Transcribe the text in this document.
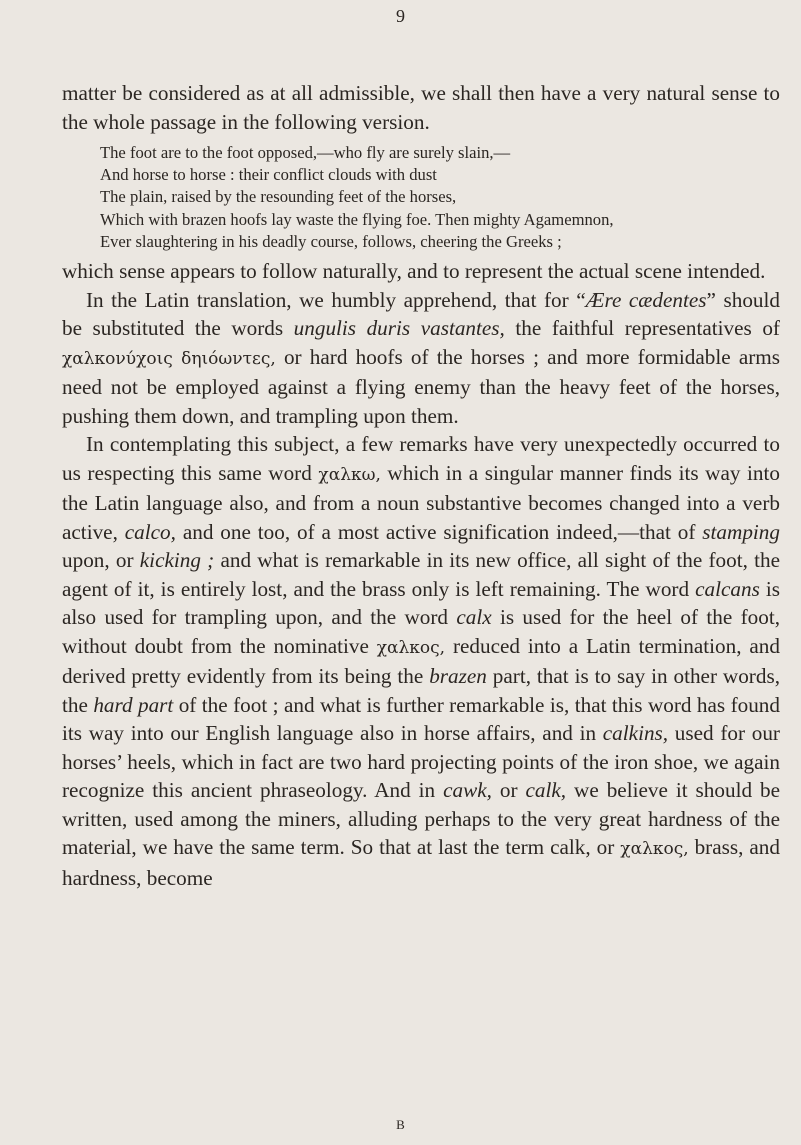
9

matter be considered as at all admissible, we shall then have a very natural sense to the whole passage in the following version.

The foot are to the foot opposed,—who fly are surely slain,—
And horse to horse : their conflict clouds with dust
The plain, raised by the resounding feet of the horses,
Which with brazen hoofs lay waste the flying foe. Then mighty Agamemnon,
Ever slaughtering in his deadly course, follows, cheering the Greeks ;

which sense appears to follow naturally, and to represent the actual scene intended.

In the Latin translation, we humbly apprehend, that for “Ære cædentes” should be substituted the words ungulis duris vastantes, the faithful representatives of χαλκονύχοις δηιόωντες, or hard hoofs of the horses ; and more formidable arms need not be employed against a flying enemy than the heavy feet of the horses, pushing them down, and trampling upon them.

In contemplating this subject, a few remarks have very unexpectedly occurred to us respecting this same word χαλκω, which in a singular manner finds its way into the Latin language also, and from a noun substantive becomes changed into a verb active, calco, and one too, of a most active signification indeed,—that of stamping upon, or kicking ; and what is remarkable in its new office, all sight of the foot, the agent of it, is entirely lost, and the brass only is left remaining. The word calcans is also used for trampling upon, and the word calx is used for the heel of the foot, without doubt from the nominative χαλκος, reduced into a Latin termination, and derived pretty evidently from its being the brazen part, that is to say in other words, the hard part of the foot ; and what is further remarkable is, that this word has found its way into our English language also in horse affairs, and in calkins, used for our horses’ heels, which in fact are two hard projecting points of the iron shoe, we again recognize this ancient phraseology. And in cawk, or calk, we believe it should be written, used among the miners, alluding perhaps to the very great hardness of the material, we have the same term. So that at last the term calk, or χαλκος, brass, and hardness, become

B
